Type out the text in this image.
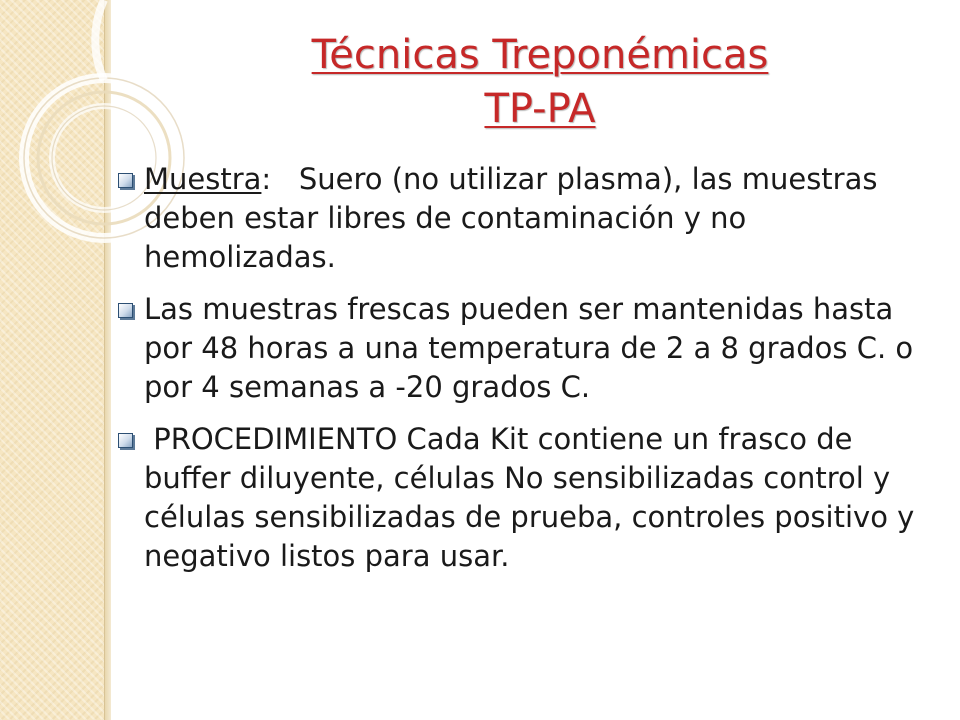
Técnicas Treponémicas
TP-PA
Muestra:   Suero (no utilizar plasma), las muestras deben estar libres de contaminación y no hemolizadas.
Las muestras frescas pueden ser mantenidas hasta por 48 horas a una temperatura de 2 a 8 grados C. o por 4 semanas a -20 grados C.
PROCEDIMIENTO Cada Kit contiene un frasco de buffer diluyente, células No sensibilizadas control y células sensibilizadas de prueba, controles positivo y negativo listos para usar.
